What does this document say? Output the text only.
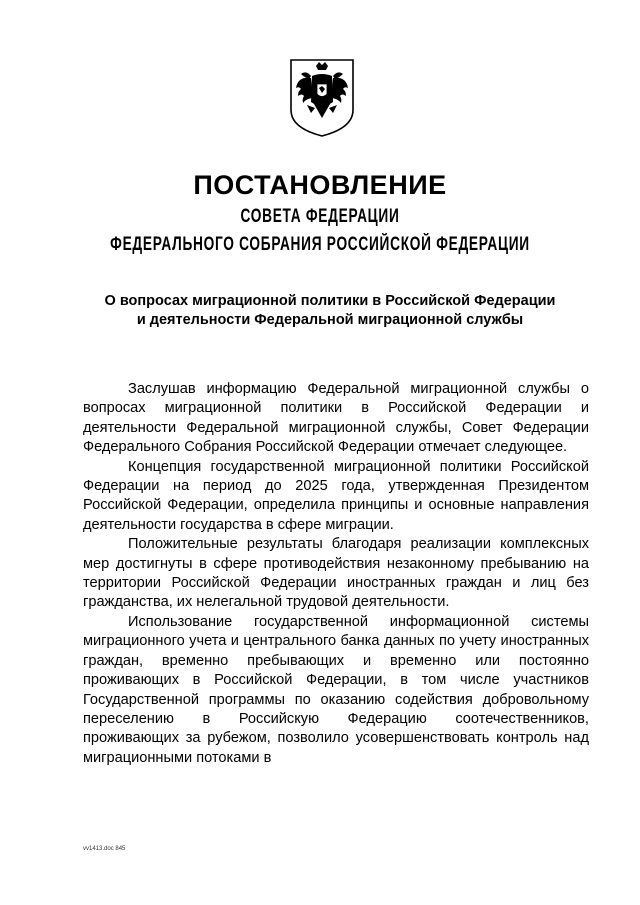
ПОСТАНОВЛЕНИЕ
СОВЕТА ФЕДЕРАЦИИ
ФЕДЕРАЛЬНОГО СОБРАНИЯ РОССИЙСКОЙ ФЕДЕРАЦИИ
О вопросах миграционной политики в Российской Федерации
и деятельности Федеральной миграционной службы

Заслушав информацию Федеральной миграционной службы о вопросах миграционной политики в Российской Федерации и деятельности Федеральной миграционной службы, Совет Федерации Федерального Собрания Российской Федерации отмечает следующее.

Концепция государственной миграционной политики Российской Федерации на период до 2025 года, утвержденная Президентом Российской Федерации, определила принципы и основные направления деятельности государства в сфере миграции.

Положительные результаты благодаря реализации комплексных мер достигнуты в сфере противодействия незаконному пребыванию на территории Российской Федерации иностранных граждан и лиц без гражданства, их нелегальной трудовой деятельности.

Использование государственной информационной системы миграционного учета и центрального банка данных по учету иностранных граждан, временно пребывающих и временно или постоянно проживающих в Российской Федерации, в том числе участников Государственной программы по оказанию содействия добровольному переселению в Российскую Федерацию соотечественников, проживающих за рубежом, позволило усовершенствовать контроль над миграционными потоками в

vv1413.doc 845
